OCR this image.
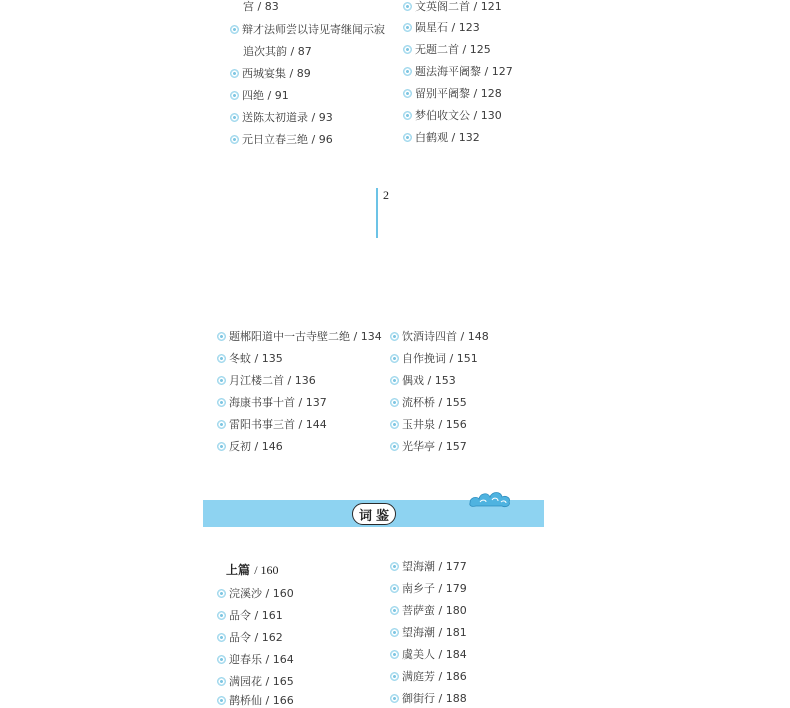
宫 / 83
辩才法师尝以诗见寄继闻示寂
追次其韵 / 87
西城宴集 / 89
四绝 / 91
送陈太初道录 / 93
元日立春三绝 / 96
文英阁二首 / 121
陨星石 / 123
无题二首 / 125
题法海平阇黎 / 127
留别平阇黎 / 128
梦伯收文公 / 130
白鹤观 / 132
2
题郴阳道中一古寺壁二绝 / 134
冬蚊 / 135
月江楼二首 / 136
海康书事十首 / 137
雷阳书事三首 / 144
反初 / 146
饮酒诗四首 / 148
自作挽词 / 151
偶戏 / 153
流杯桥 / 155
玉井泉 / 156
光华亭 / 157
词 鉴
上篇 / 160
浣溪沙 / 160
品令 / 161
品令 / 162
迎春乐 / 164
满园花 / 165
鹊桥仙 / 166
望海潮 / 177
南乡子 / 179
菩萨蛮 / 180
望海潮 / 181
虞美人 / 184
满庭芳 / 186
御街行 / 188
